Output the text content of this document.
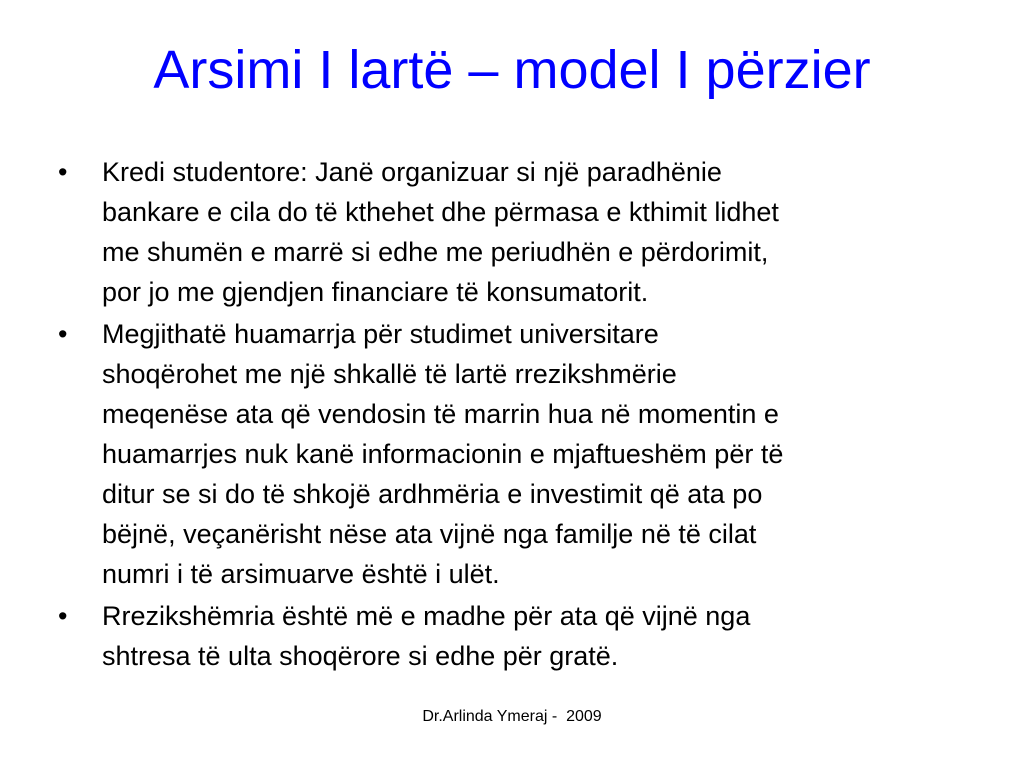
Arsimi I lartë – model I përzier
•	Kredi studentore: Janë organizuar si një paradhënie
bankare e cila do të kthehet dhe përmasa e kthimit lidhet
me shumën e marrë si edhe me periudhën e përdorimit,
por jo me gjendjen financiare të konsumatorit.
•	Megjithatë huamarrja për studimet universitare
shoqërohet me një shkallë të lartë rrezikshmërie
meqenëse ata që vendosin të marrin hua në momentin e
huamarrjes nuk kanë informacionin e mjaftueshëm për të
ditur se si do të shkojë ardhmëria e investimit që ata po
bëjnë, veçanërisht nëse ata vijnë nga familje në të cilat
numri i të arsimuarve është i ulët.
•	Rrezikshëmria është më e madhe për ata që vijnë nga
shtresa të ulta shoqërore si edhe për gratë.
Dr.Arlinda Ymeraj -  2009
